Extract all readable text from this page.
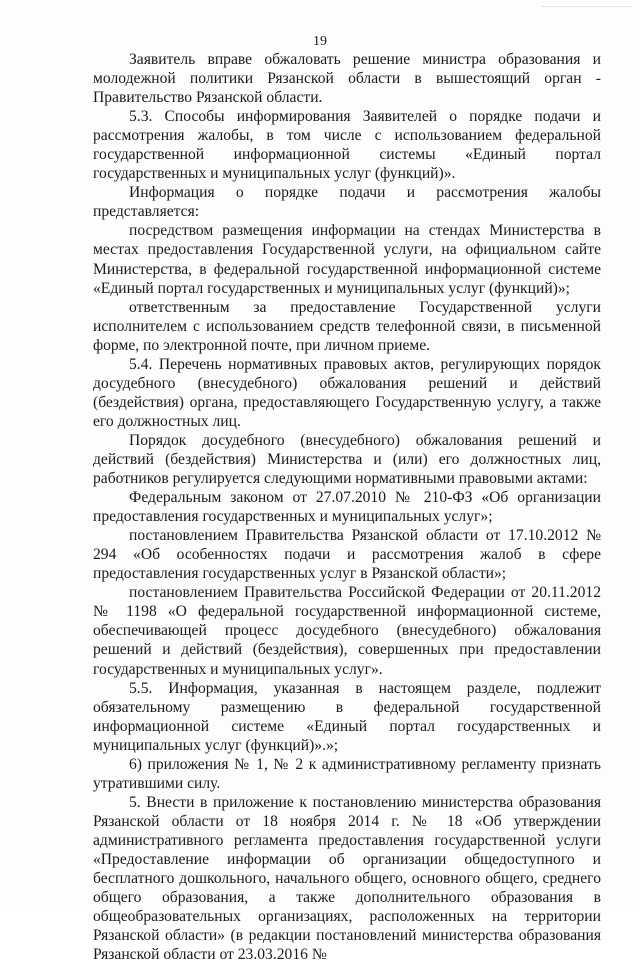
19

Заявитель вправе обжаловать решение министра образования и молодежной политики Рязанской области в вышестоящий орган - Правительство Рязанской области.

5.3. Способы информирования Заявителей о порядке подачи и рассмотрения жалобы, в том числе с использованием федеральной государственной информационной системы «Единый портал государственных и муниципальных услуг (функций)».

Информация о порядке подачи и рассмотрения жалобы представляется:

посредством размещения информации на стендах Министерства в местах предоставления Государственной услуги, на официальном сайте Министерства, в федеральной государственной информационной системе «Единый портал государственных и муниципальных услуг (функций)»;

ответственным за предоставление Государственной услуги исполнителем с использованием средств телефонной связи, в письменной форме, по электронной почте, при личном приеме.

5.4. Перечень нормативных правовых актов, регулирующих порядок досудебного (внесудебного) обжалования решений и действий (бездействия) органа, предоставляющего Государственную услугу, а также его должностных лиц.

Порядок досудебного (внесудебного) обжалования решений и действий (бездействия) Министерства и (или) его должностных лиц, работников регулируется следующими нормативными правовыми актами:

Федеральным законом от 27.07.2010 № 210-ФЗ «Об организации предоставления государственных и муниципальных услуг»;

постановлением Правительства Рязанской области от 17.10.2012 № 294 «Об особенностях подачи и рассмотрения жалоб в сфере предоставления государственных услуг в Рязанской области»;

постановлением Правительства Российской Федерации от 20.11.2012 № 1198 «О федеральной государственной информационной системе, обеспечивающей процесс досудебного (внесудебного) обжалования решений и действий (бездействия), совершенных при предоставлении государственных и муниципальных услуг».

5.5. Информация, указанная в настоящем разделе, подлежит обязательному размещению в федеральной государственной информационной системе «Единый портал государственных и муниципальных услуг (функций)».»;

6) приложения № 1, № 2 к административному регламенту признать утратившими силу.

5. Внести в приложение к постановлению министерства образования Рязанской области от 18 ноября 2014 г. № 18 «Об утверждении административного регламента предоставления государственной услуги «Предоставление информации об организации общедоступного и бесплатного дошкольного, начального общего, основного общего, среднего общего образования, а также дополнительного образования в общеобразовательных организациях, расположенных на территории Рязанской области» (в редакции постановлений министерства образования Рязанской области от 23.03.2016 №
